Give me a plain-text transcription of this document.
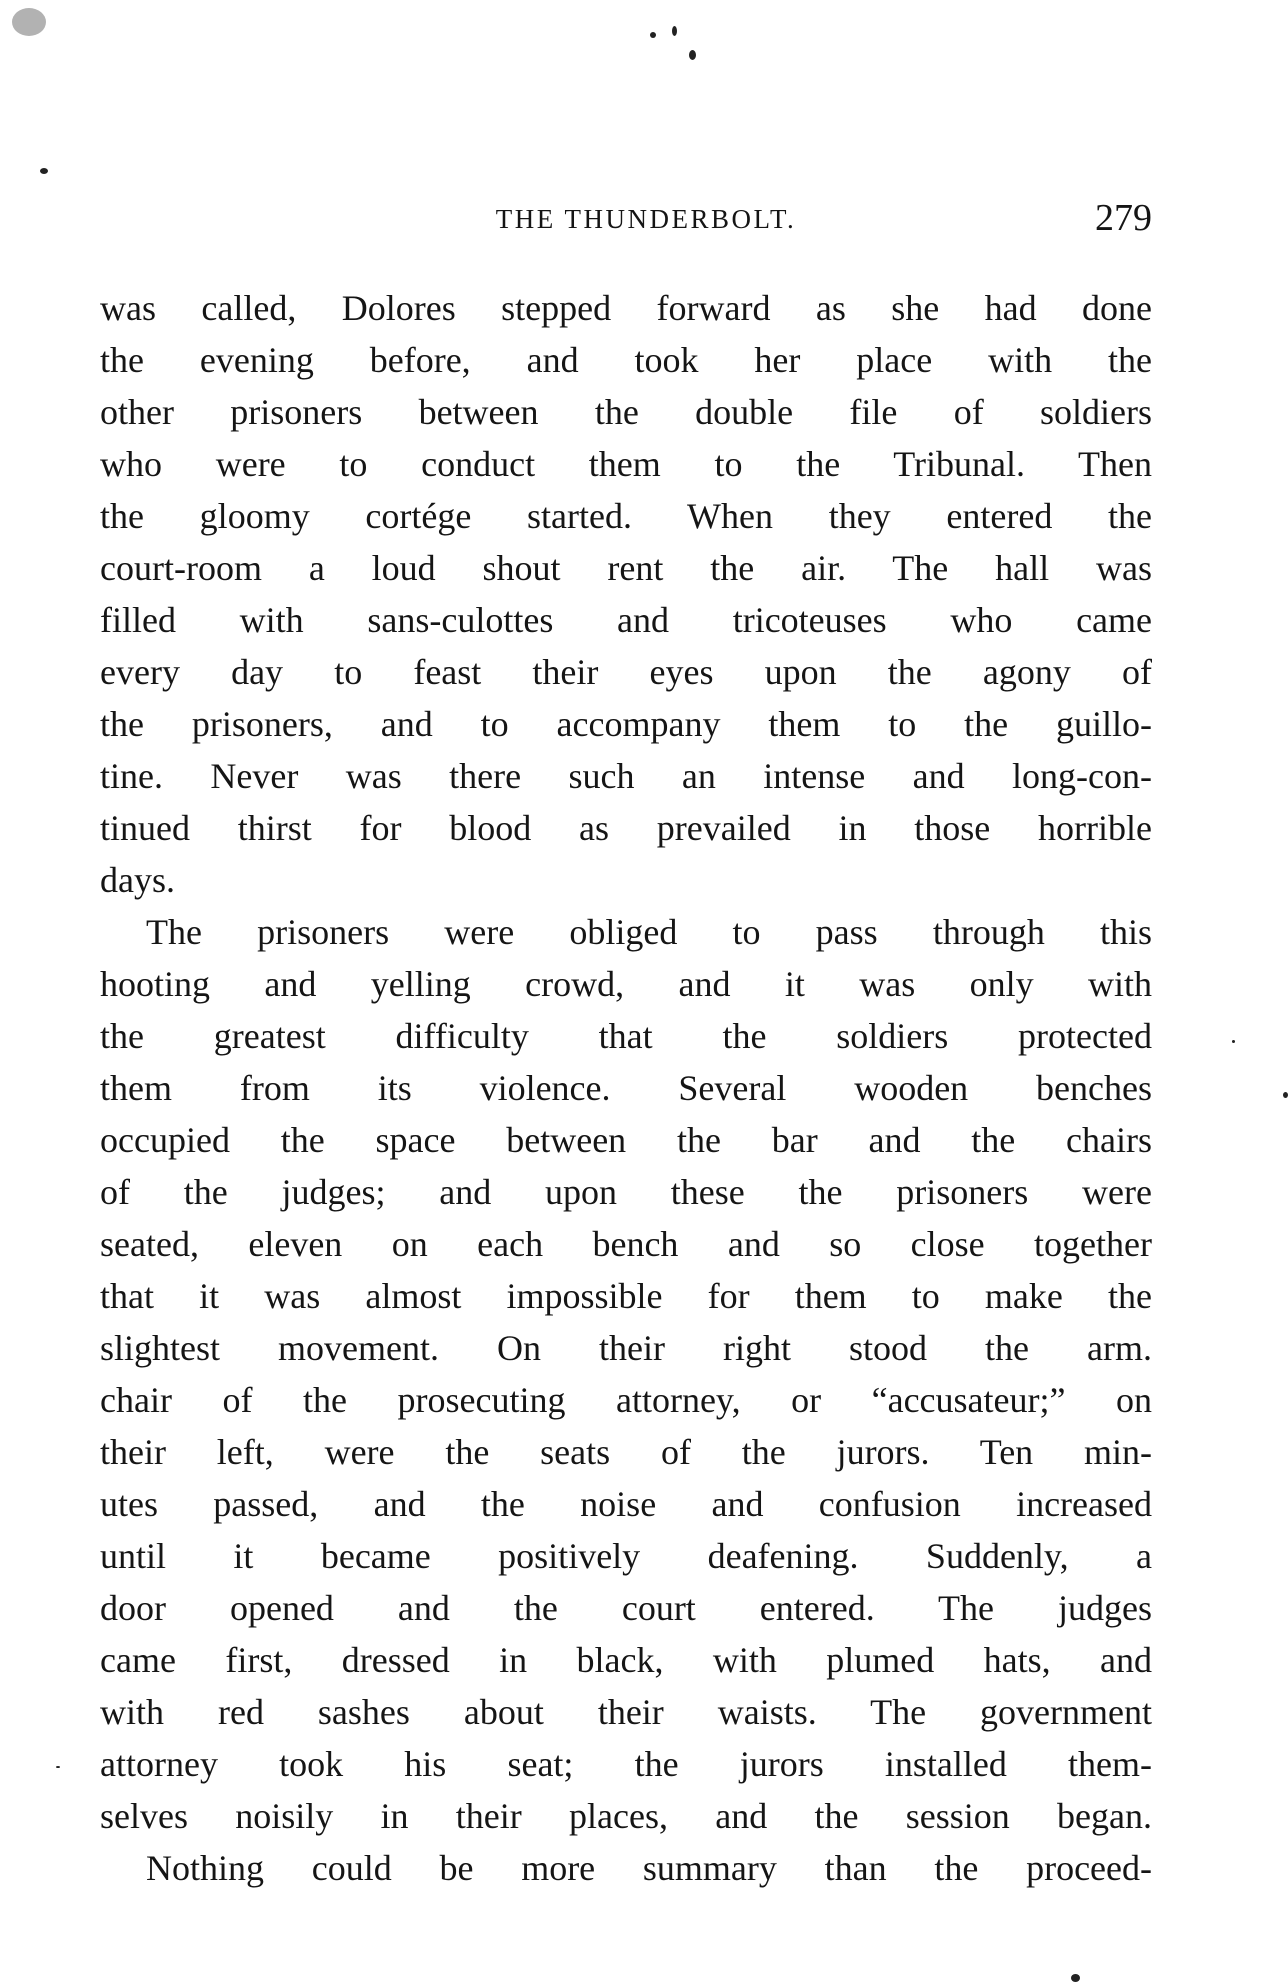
THE THUNDERBOLT.	279
was called, Dolores stepped forward as she had done
the evening before, and took her place with the
other prisoners between the double file of soldiers
who were to conduct them to the Tribunal. Then
the gloomy cortége started. When they entered the
court-room a loud shout rent the air. The hall was
filled with sans-culottes and tricoteuses who came
every day to feast their eyes upon the agony of
the prisoners, and to accompany them to the guillo-
tine. Never was there such an intense and long-con-
tinued thirst for blood as prevailed in those horrible
days.
The prisoners were obliged to pass through this
hooting and yelling crowd, and it was only with
the greatest difficulty that the soldiers protected
them from its violence. Several wooden benches
occupied the space between the bar and the chairs
of the judges; and upon these the prisoners were
seated, eleven on each bench and so close together
that it was almost impossible for them to make the
slightest movement. On their right stood the arm.
chair of the prosecuting attorney, or “accusateur;” on
their left, were the seats of the jurors. Ten min-
utes passed, and the noise and confusion increased
until it became positively deafening. Suddenly, a
door opened and the court entered. The judges
came first, dressed in black, with plumed hats, and
with red sashes about their waists. The government
attorney took his seat; the jurors installed them-
selves noisily in their places, and the session began.
Nothing could be more summary than the proceed-
